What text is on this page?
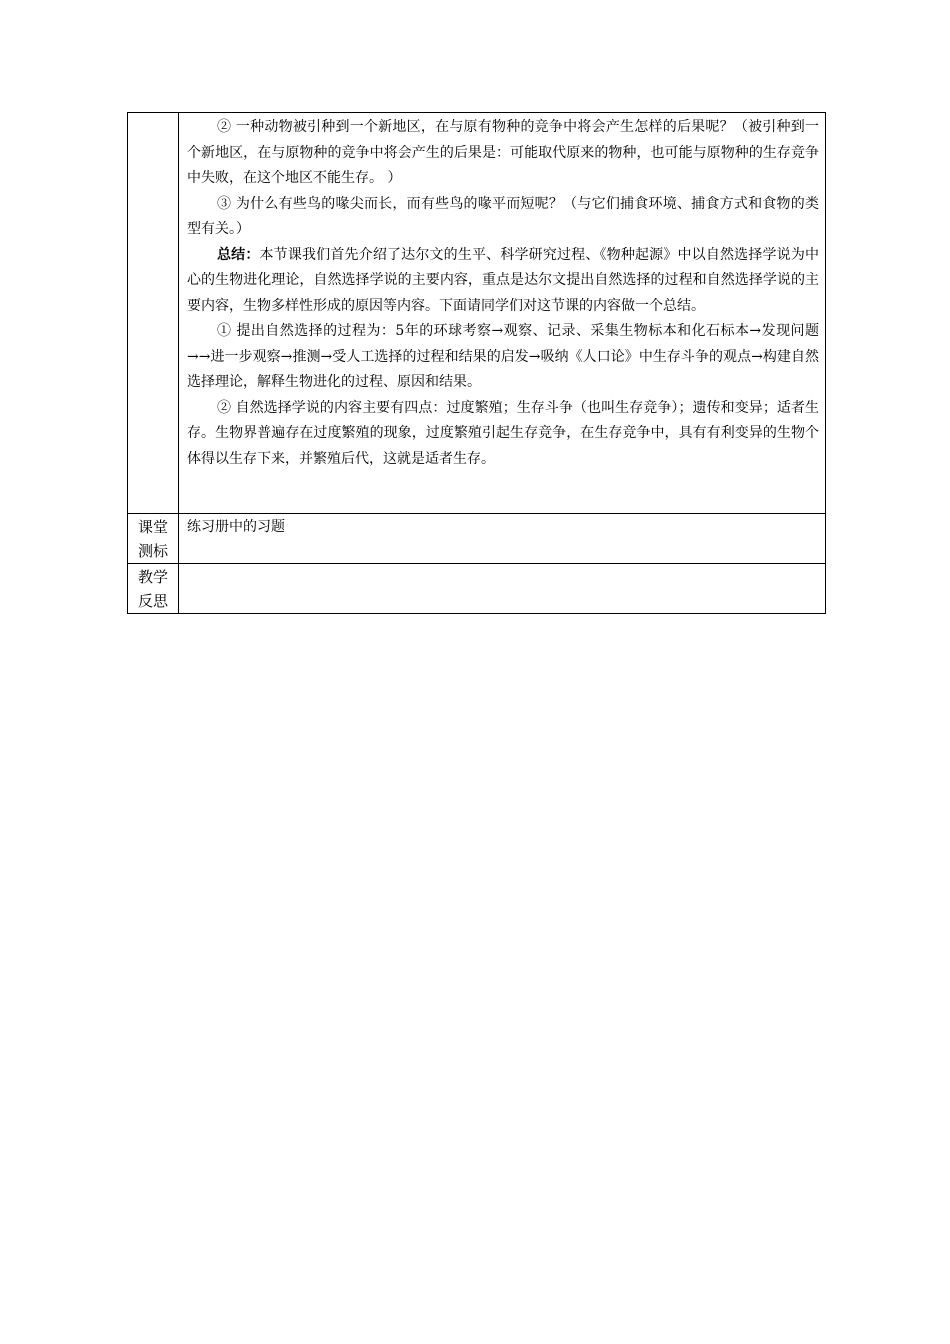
	② 一种动物被引种到一个新地区，在与原有物种的竞争中将会产生怎样的后果呢？（被引种到一个新地区，在与原物种的竞争中将会产生的后果是：可能取代原来的物种，也可能与原物种的生存竞争中失败，在这个地区不能生存。 ）

③ 为什么有些鸟的喙尖而长，而有些鸟的喙平而短呢？（与它们捕食环境、捕食方式和食物的类型有关。）

总结：本节课我们首先介绍了达尔文的生平、科学研究过程、《物种起源》中以自然选择学说为中心的生物进化理论，自然选择学说的主要内容，重点是达尔文提出自然选择的过程和自然选择学说的主要内容，生物多样性形成的原因等内容。下面请同学们对这节课的内容做一个总结。

① 提出自然选择的过程为：5年的环球考察→观察、记录、采集生物标本和化石标本→发现问题→→进一步观察→推测→受人工选择的过程和结果的启发→吸纳《人口论》中生存斗争的观点→构建自然选择理论，解释生物进化的过程、原因和结果。

② 自然选择学说的内容主要有四点：过度繁殖；生存斗争（也叫生存竞争）；遗传和变异；适者生存。生物界普遍存在过度繁殖的现象，过度繁殖引起生存竞争，在生存竞争中，具有有利变异的生物个体得以生存下来，并繁殖后代，这就是适者生存。

课堂
测标	练习册中的习题

教学
反思	
